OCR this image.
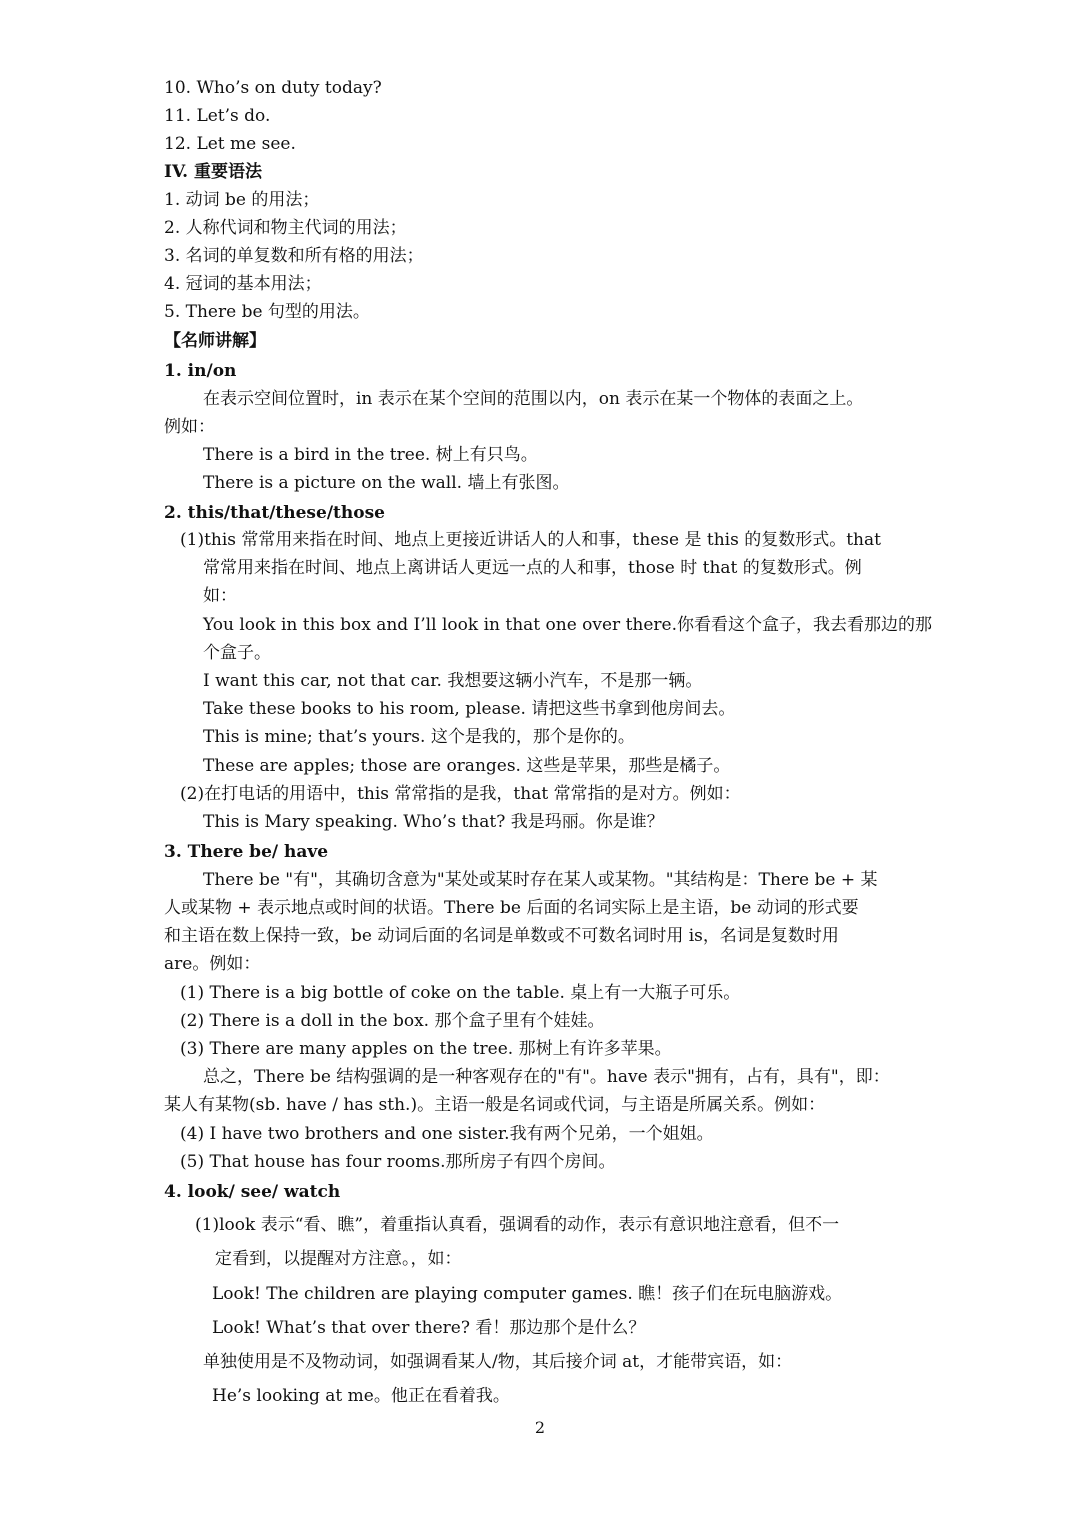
10. Who’s on duty today?
11. Let’s do.
12. Let me see.
IV. 重要语法
1. 动词 be 的用法；
2. 人称代词和物主代词的用法；
3. 名词的单复数和所有格的用法；
4. 冠词的基本用法；
5. There be 句型的用法。
【名师讲解】
1. in/on
在表示空间位置时，in 表示在某个空间的范围以内，on 表示在某一个物体的表面之上。
例如：
There is a bird in the tree. 树上有只鸟。
There is a picture on the wall. 墙上有张图。
2. this/that/these/those
(1)this 常常用来指在时间、地点上更接近讲话人的人和事，these 是 this 的复数形式。that
常常用来指在时间、地点上离讲话人更远一点的人和事，those 时 that 的复数形式。例
如：
You look in this box and I’ll look in that one over there.你看看这个盒子，我去看那边的那
个盒子。
I want this car, not that car. 我想要这辆小汽车，不是那一辆。
Take these books to his room, please. 请把这些书拿到他房间去。
This is mine; that’s yours. 这个是我的，那个是你的。
These are apples; those are oranges. 这些是苹果，那些是橘子。
(2)在打电话的用语中，this 常常指的是我，that 常常指的是对方。例如：
This is Mary speaking. Who’s that? 我是玛丽。你是谁？
3. There be/ have
There be "有"，其确切含意为"某处或某时存在某人或某物。"其结构是：There be + 某
人或某物 + 表示地点或时间的状语。There be 后面的名词实际上是主语，be 动词的形式要
和主语在数上保持一致，be 动词后面的名词是单数或不可数名词时用 is，名词是复数时用
are。例如：
(1) There is a big bottle of coke on the table. 桌上有一大瓶子可乐。
(2) There is a doll in the box. 那个盒子里有个娃娃。
(3) There are many apples on the tree. 那树上有许多苹果。
总之，There be 结构强调的是一种客观存在的"有"。have 表示"拥有，占有，具有"，即：
某人有某物(sb. have / has sth.)。主语一般是名词或代词，与主语是所属关系。例如：
(4) I have two brothers and one sister.我有两个兄弟，一个姐姐。
(5) That house has four rooms.那所房子有四个房间。
4. look/ see/ watch
(1)look 表示“看、瞧”，着重指认真看，强调看的动作，表示有意识地注意看，但不一
定看到，以提醒对方注意。，如：
Look! The children are playing computer games. 瞧！孩子们在玩电脑游戏。
Look! What’s that over there? 看！那边那个是什么？
单独使用是不及物动词，如强调看某人/物，其后接介词 at，才能带宾语，如：
He’s looking at me。他正在看着我。
2
